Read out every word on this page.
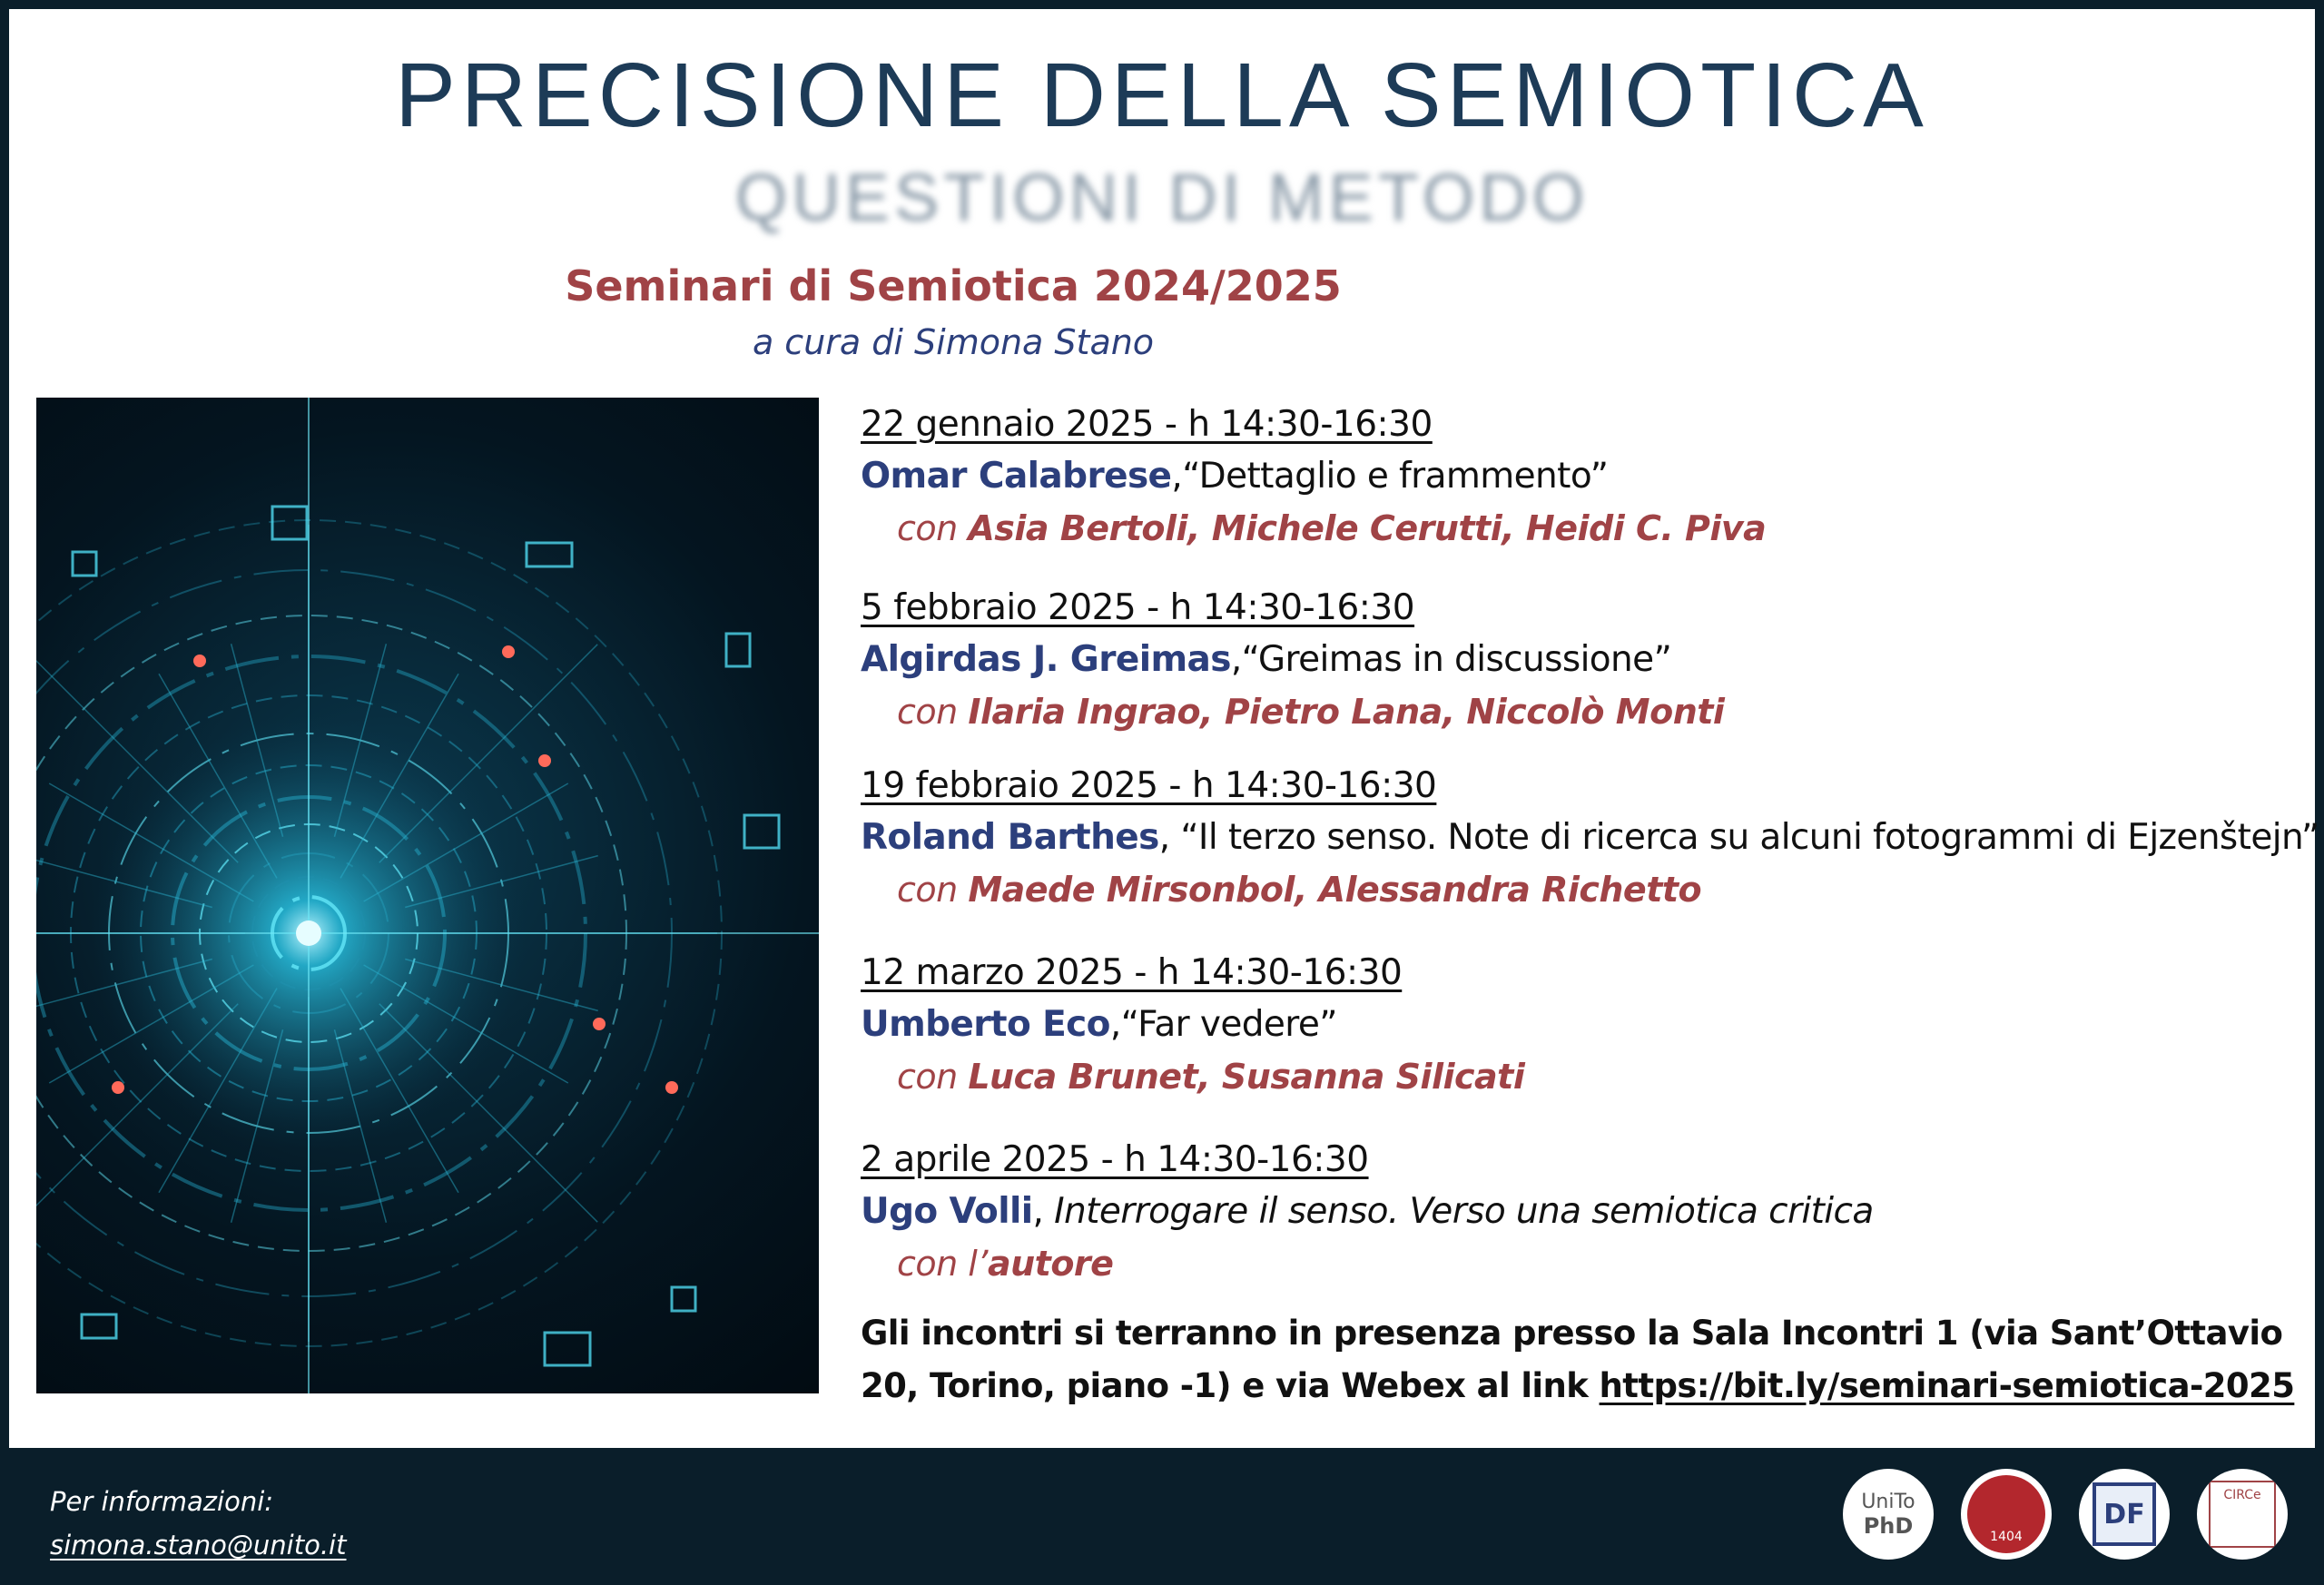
PRECISIONE DELLA SEMIOTICA
QUESTIONI DI METODO
Seminari di Semiotica 2024/2025
a cura di Simona Stano
22 gennaio 2025 - h 14:30-16:30
Omar Calabrese,“Dettaglio e frammento”
con Asia Bertoli, Michele Cerutti, Heidi C. Piva
5 febbraio 2025 - h 14:30-16:30
Algirdas J. Greimas,“Greimas in discussione”
con Ilaria Ingrao, Pietro Lana, Niccolò Monti
19 febbraio 2025 - h 14:30-16:30
Roland Barthes, “Il terzo senso. Note di ricerca su alcuni fotogrammi di Ejzenštejn”
con Maede Mirsonbol, Alessandra Richetto
12 marzo 2025 - h 14:30-16:30
Umberto Eco,“Far vedere”
con Luca Brunet, Susanna Silicati
2 aprile 2025 - h 14:30-16:30
Ugo Volli, Interrogare il senso. Verso una semiotica critica
con l’autore
Gli incontri si terranno in presenza presso la Sala Incontri 1 (via Sant’Ottavio 20, Torino, piano -1) e via Webex al link https://bit.ly/seminari-semiotica-2025
Per informazioni:
simona.stano@unito.it
UniTo
PhD	1404
DF
CIRCe
